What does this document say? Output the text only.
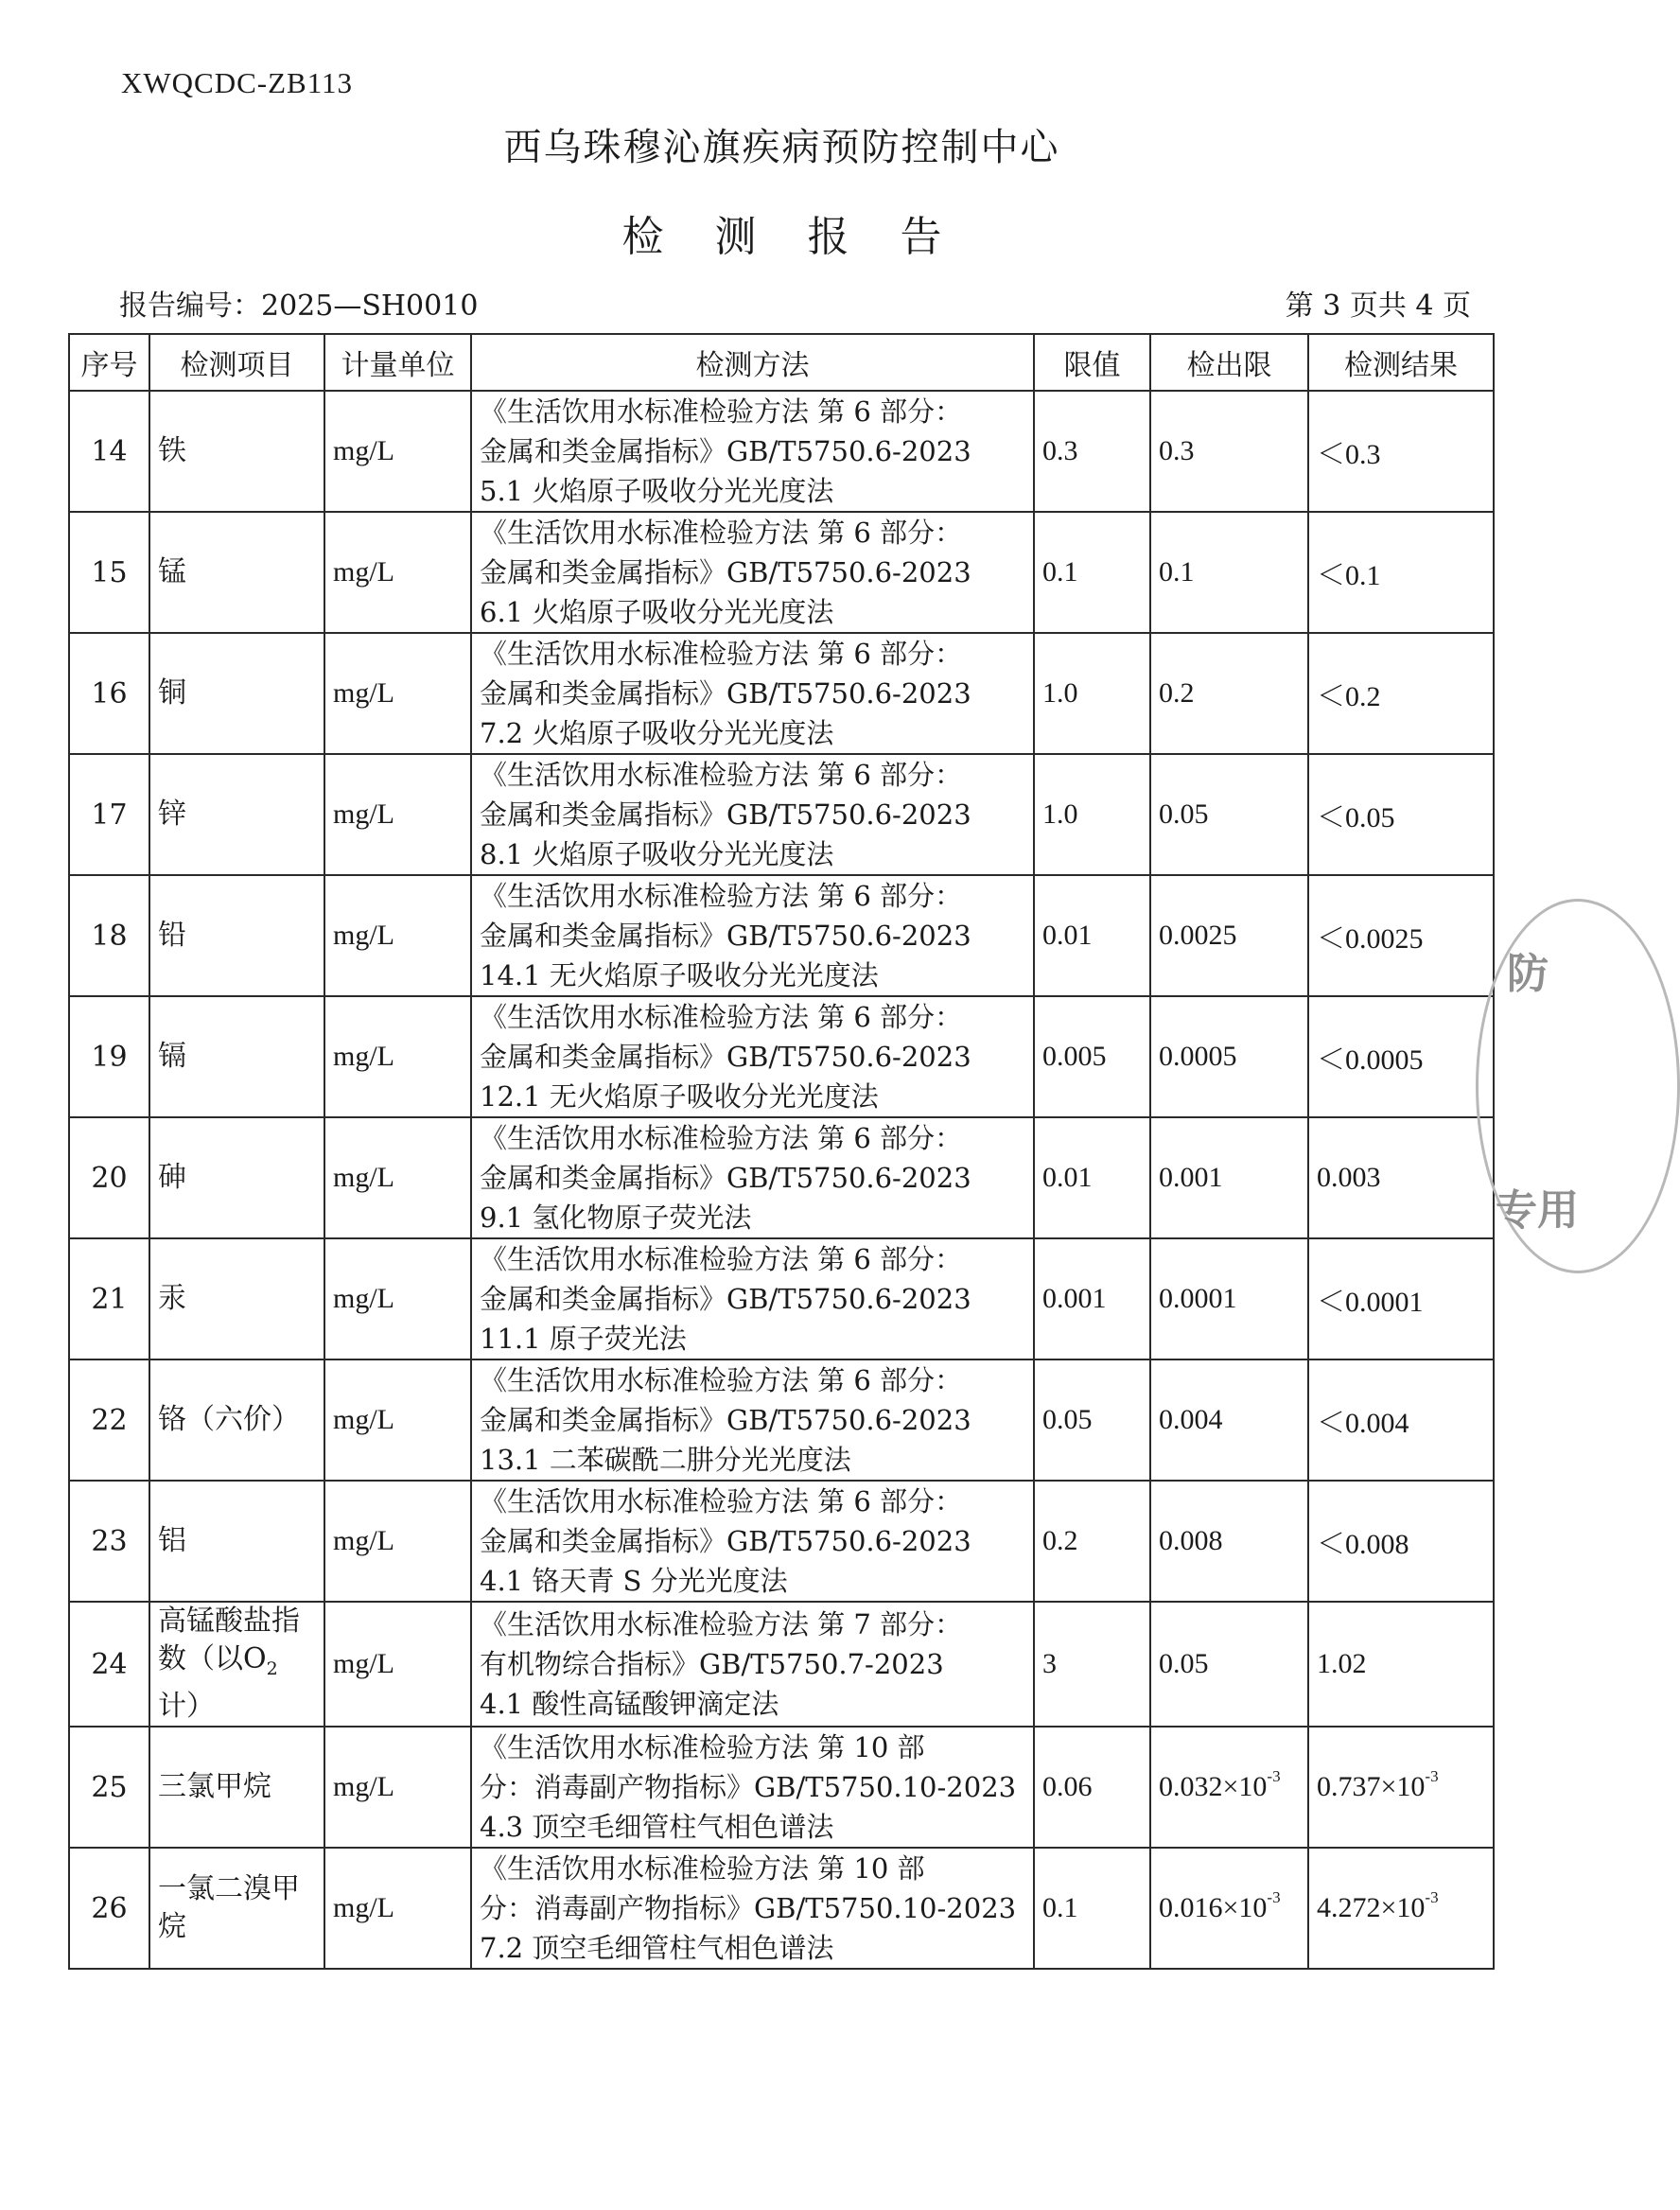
XWQCDC-ZB113
西乌珠穆沁旗疾病预防控制中心
检 测 报 告
报告编号：2025—SH0010	第 3 页共 4 页
序号	检测项目	计量单位	检测方法	限值	检出限	检测结果
14	铁	mg/L	《生活饮用水标准检验方法 第 6 部分：
金属和类金属指标》GB/T5750.6-2023
5.1 火焰原子吸收分光光度法	0.3	0.3	＜0.3
15	锰	mg/L	《生活饮用水标准检验方法 第 6 部分：
金属和类金属指标》GB/T5750.6-2023
6.1 火焰原子吸收分光光度法	0.1	0.1	＜0.1
16	铜	mg/L	《生活饮用水标准检验方法 第 6 部分：
金属和类金属指标》GB/T5750.6-2023
7.2 火焰原子吸收分光光度法	1.0	0.2	＜0.2
17	锌	mg/L	《生活饮用水标准检验方法 第 6 部分：
金属和类金属指标》GB/T5750.6-2023
8.1 火焰原子吸收分光光度法	1.0	0.05	＜0.05
18	铅	mg/L	《生活饮用水标准检验方法 第 6 部分：
金属和类金属指标》GB/T5750.6-2023
14.1 无火焰原子吸收分光光度法	0.01	0.0025	＜0.0025
19	镉	mg/L	《生活饮用水标准检验方法 第 6 部分：
金属和类金属指标》GB/T5750.6-2023
12.1 无火焰原子吸收分光光度法	0.005	0.0005	＜0.0005
20	砷	mg/L	《生活饮用水标准检验方法 第 6 部分：
金属和类金属指标》GB/T5750.6-2023
9.1 氢化物原子荧光法	0.01	0.001	0.003
21	汞	mg/L	《生活饮用水标准检验方法 第 6 部分：
金属和类金属指标》GB/T5750.6-2023
11.1 原子荧光法	0.001	0.0001	＜0.0001
22	铬（六价）	mg/L	《生活饮用水标准检验方法 第 6 部分：
金属和类金属指标》GB/T5750.6-2023
13.1 二苯碳酰二肼分光光度法	0.05	0.004	＜0.004
23	铝	mg/L	《生活饮用水标准检验方法 第 6 部分：
金属和类金属指标》GB/T5750.6-2023
4.1 铬天青 S 分光光度法	0.2	0.008	＜0.008
24	高锰酸盐指数（以$O_2$计）	mg/L	《生活饮用水标准检验方法 第 7 部分：
有机物综合指标》GB/T5750.7-2023
4.1 酸性高锰酸钾滴定法	3	0.05	1.02
25	三氯甲烷	mg/L	《生活饮用水标准检验方法 第 10 部
分：消毒副产物指标》GB/T5750.10-2023
4.3 顶空毛细管柱气相色谱法	0.06	$0.032\times 10^{-3}$	$0.737\times 10^{-3}$
26	一氯二溴甲烷	mg/L	《生活饮用水标准检验方法 第 10 部
分：消毒副产物指标》GB/T5750.10-2023
7.2 顶空毛细管柱气相色谱法	0.1	$0.016\times 10^{-3}$	$4.272\times 10^{-3}$
防
专用
